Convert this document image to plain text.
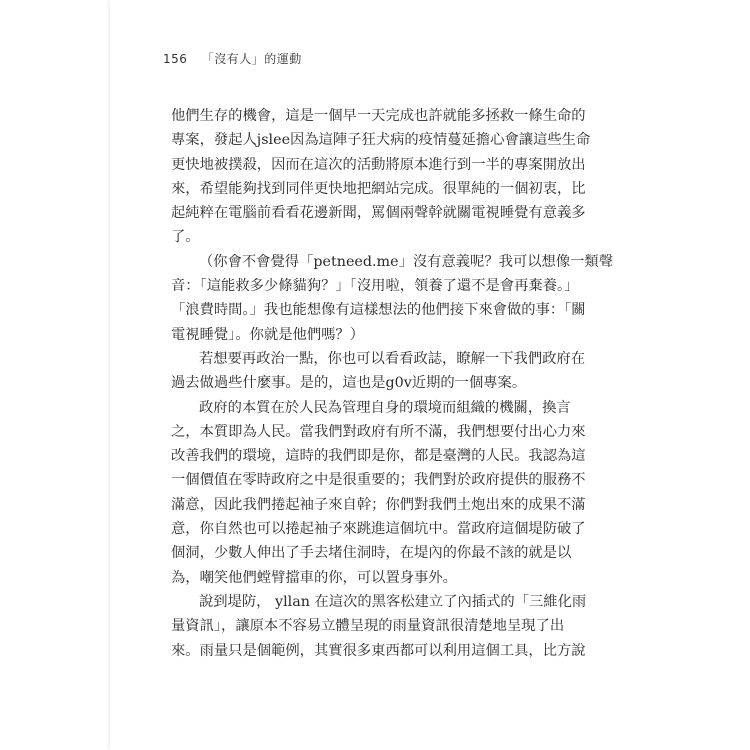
156 「沒有人」的運動
他們生存的機會，這是一個早一天完成也許就能多拯救一條生命的
專案，發起人jslee因為這陣子狂犬病的疫情蔓延擔心會讓這些生命
更快地被撲殺，因而在這次的活動將原本進行到一半的專案開放出
來，希望能夠找到同伴更快地把網站完成。很單純的一個初衷，比
起純粹在電腦前看看花邊新聞，罵個兩聲幹就關電視睡覺有意義多
了。
（你會不會覺得「petneed.me」沒有意義呢？我可以想像一類聲
音：「這能救多少條貓狗？」「沒用啦，領養了還不是會再棄養。」
「浪費時間。」我也能想像有這樣想法的他們接下來會做的事：「關
電視睡覺」。你就是他們嗎？）
若想要再政治一點，你也可以看看政誌，瞭解一下我們政府在
過去做過些什麼事。是的，這也是g0v近期的一個專案。
政府的本質在於人民為管理自身的環境而組織的機關，換言
之，本質即為人民。當我們對政府有所不滿，我們想要付出心力來
改善我們的環境，這時的我們即是你，都是臺灣的人民。我認為這
一個價值在零時政府之中是很重要的；我們對於政府提供的服務不
滿意，因此我們捲起袖子來自幹；你們對我們土炮出來的成果不滿
意，你自然也可以捲起袖子來跳進這個坑中。當政府這個堤防破了
個洞，少數人伸出了手去堵住洞時，在堤內的你最不該的就是以
為，嘲笑他們螳臂擋車的你，可以置身事外。
說到堤防， yllan 在這次的黑客松建立了內插式的「三維化雨
量資訊」，讓原本不容易立體呈現的雨量資訊很清楚地呈現了出
來。雨量只是個範例，其實很多東西都可以利用這個工具，比方說
